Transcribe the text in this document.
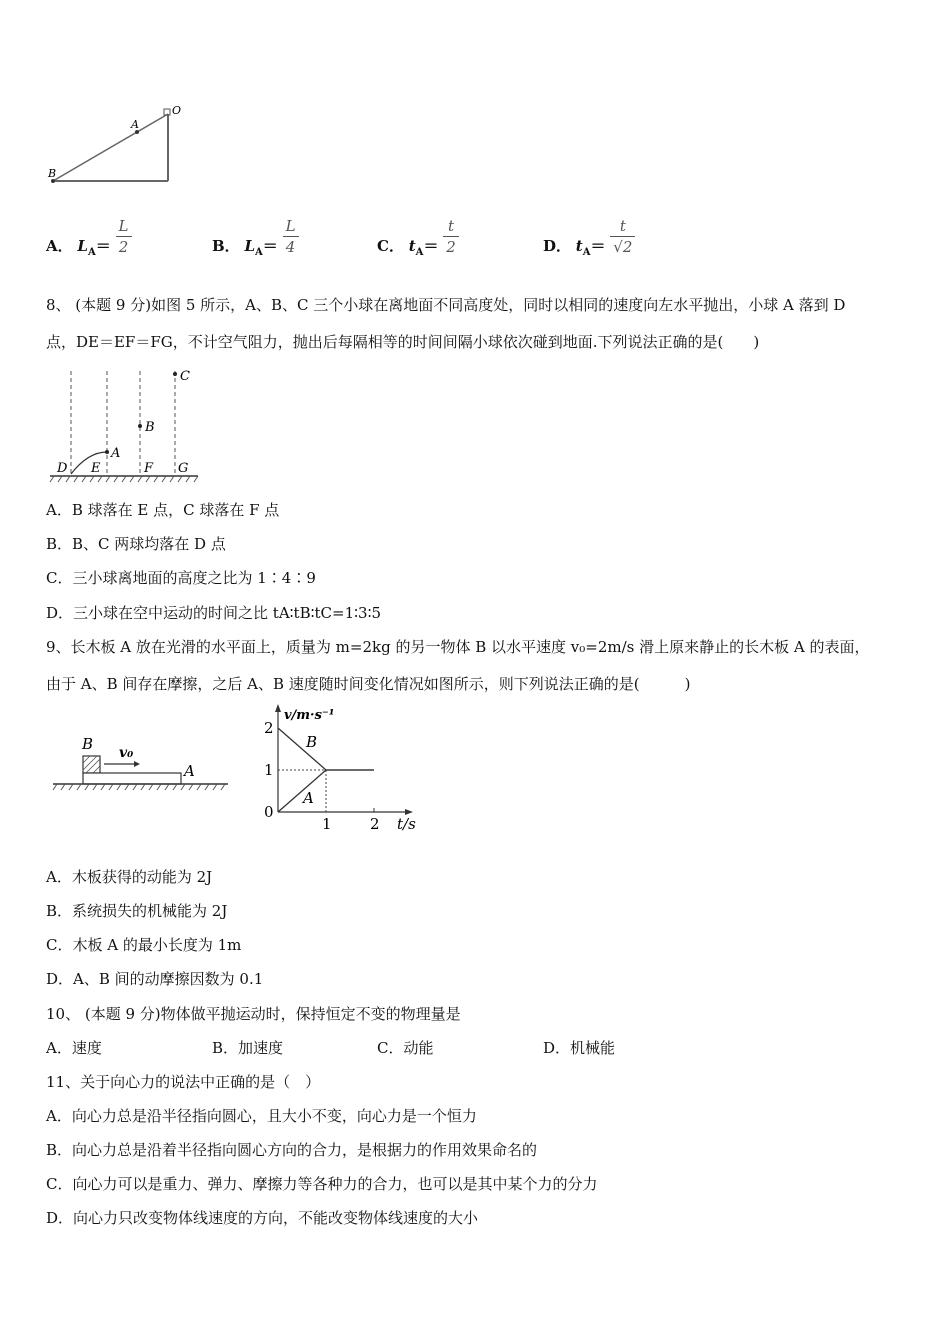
O
A
B
A． $L_A= \frac{L}{2}$	B． $L_A= \frac{L}{4}$	C． $t_A= \frac{t}{2}$	D． $t_A= \frac{t}{√2}$
8、 (本题 9 分)如图 5 所示，A、B、C 三个小球在离地面不同高度处，同时以相同的速度向左水平抛出，小球 A 落到 D
点，DE＝EF＝FG，不计空气阻力，抛出后每隔相等的时间间隔小球依次碰到地面.下列说法正确的是(　　)
C
B
A
D E	F G
A．B 球落在 E 点，C 球落在 F 点
B．B、C 两球均落在 D 点
C．三小球离地面的高度之比为 1∶4∶9
D．三小球在空中运动的时间之比 tA∶tB∶tC=1∶3∶5
9、长木板 A 放在光滑的水平面上，质量为 m=2kg 的另一物体 B 以水平速度 v₀=2m/s 滑上原来静止的长木板 A 的表面，
由于 A、B 间存在摩擦，之后 A、B 速度随时间变化情况如图所示，则下列说法正确的是(　　　)
B v₀
A
v/m·s⁻¹
2
1
0
1	2 t/s
B
A
A．木板获得的动能为 2J
B．系统损失的机械能为 2J
C．木板 A 的最小长度为 1m
D．A、B 间的动摩擦因数为 0.1
10、 (本题 9 分)物体做平抛运动时，保持恒定不变的物理量是
A．速度	B．加速度	C．动能	D．机械能
11、关于向心力的说法中正确的是（　）
A．向心力总是沿半径指向圆心，且大小不变，向心力是一个恒力
B．向心力总是沿着半径指向圆心方向的合力，是根据力的作用效果命名的
C．向心力可以是重力、弹力、摩擦力等各种力的合力，也可以是其中某个力的分力
D．向心力只改变物体线速度的方向，不能改变物体线速度的大小
